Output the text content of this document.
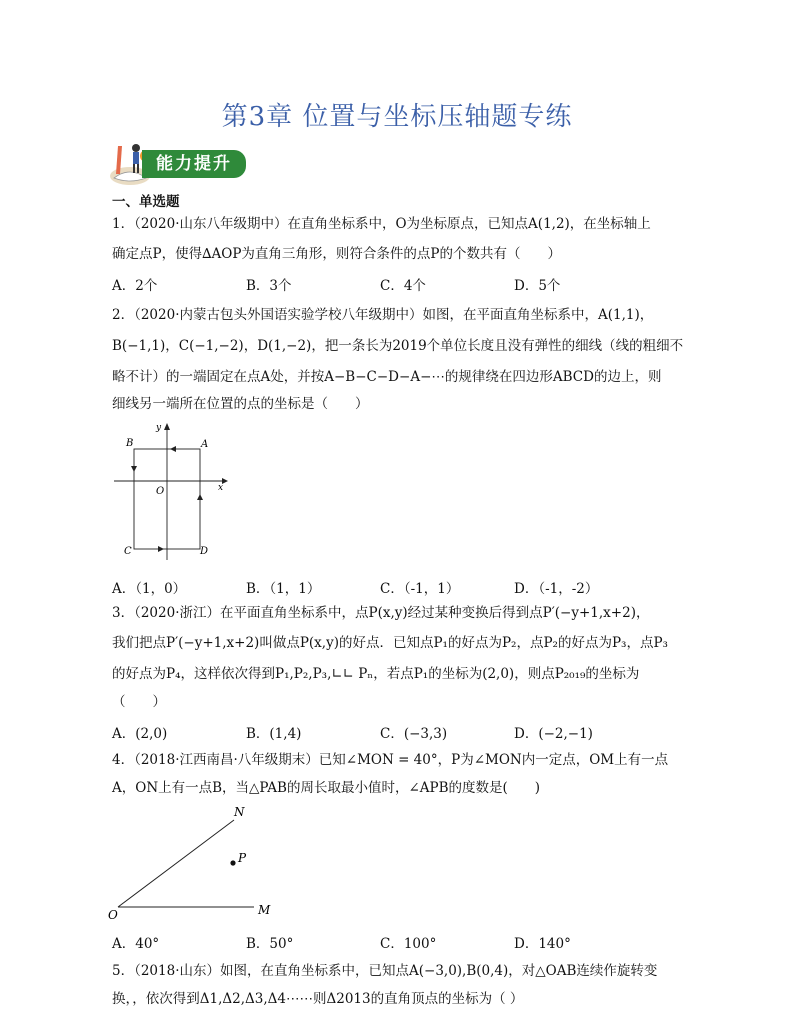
第3章 位置与坐标压轴题专练
能力提升
一、单选题
1．（2020·山东八年级期中）在直角坐标系中，O为坐标原点，已知点A(1,2)，在坐标轴上
确定点P，使得∆AOP为直角三角形，则符合条件的点P的个数共有（　　）
A．2个	B．3个	C．4个	D．5个
2．（2020·内蒙古包头外国语实验学校八年级期中）如图，在平面直角坐标系中，A(1,1)，
B(−1,1)，C(−1,−2)，D(1,−2)，把一条长为2019个单位长度且没有弹性的细线（线的粗细不
略不计）的一端固定在点A处，并按A−B−C−D−A−⋯的规律绕在四边形ABCD的边上，则
细线另一端所在位置的点的坐标是（　　）
B	A
C	D
O	x
y
A．（1，0）	B．（1，1）	C．（-1，1）	D．（-1，-2）
3．（2020·浙江）在平面直角坐标系中，点P(x,y)经过某种变换后得到点P′(−y+1,x+2)，
我们把点P′(−y+1,x+2)叫做点P(x,y)的好点．已知点P₁的好点为P₂，点P₂的好点为P₃，点P₃
的好点为P₄，这样依次得到P₁,P₂,P₃,∟∟ Pₙ，若点P₁的坐标为(2,0)，则点P₂₀₁₉的坐标为
（　　）
A．(2,0)	B．(1,4)	C．(−3,3)	D．(−2,−1)
4．（2018·江西南昌·八年级期末）已知∠MON = 40°，P为∠MON内一定点，OM上有一点
A，ON上有一点B，当△PAB的周长取最小值时，∠APB的度数是(　　)
N
P
O	M
A．40°	B．50°	C．100°	D．140°
5．（2018·山东）如图，在直角坐标系中，已知点A(−3,0),B(0,4)，对△OAB连续作旋转变
换，，依次得到Δ1,Δ2,Δ3,Δ4⋯⋯则Δ2013的直角顶点的坐标为（ ）
